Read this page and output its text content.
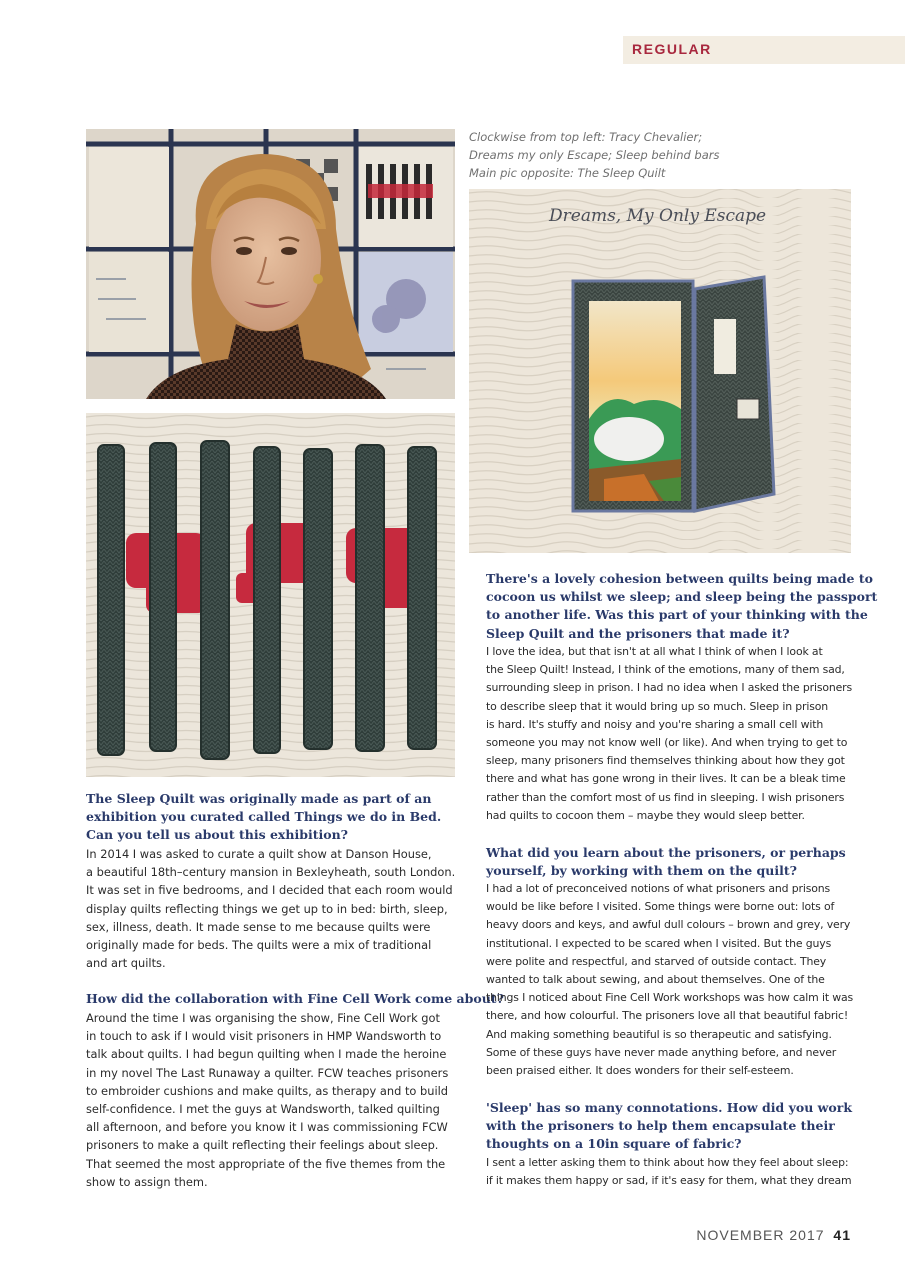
REGULAR
Clockwise from top left: Tracy Chevalier;
Dreams my only Escape; Sleep behind bars
Main pic opposite: The Sleep Quilt
Dreams, My Only Escape
The Sleep Quilt was originally made as part of an
exhibition you curated called Things we do in Bed.
Can you tell us about this exhibition?
In 2014 I was asked to curate a quilt show at Danson House,
a beautiful 18th–century mansion in Bexleyheath, south London.
It was set in five bedrooms, and I decided that each room would
display quilts reflecting things we get up to in bed: birth, sleep,
sex, illness, death. It made sense to me because quilts were
originally made for beds. The quilts were a mix of traditional
and art quilts.
How did the collaboration with Fine Cell Work come about?
Around the time I was organising the show, Fine Cell Work got
in touch to ask if I would visit prisoners in HMP Wandsworth to
talk about quilts. I had begun quilting when I made the heroine
in my novel The Last Runaway a quilter. FCW teaches prisoners
to embroider cushions and make quilts, as therapy and to build
self-confidence. I met the guys at Wandsworth, talked quilting
all afternoon, and before you know it I was commissioning FCW
prisoners to make a quilt reflecting their feelings about sleep.
That seemed the most appropriate of the five themes from the
show to assign them.
There's a lovely cohesion between quilts being made to
cocoon us whilst we sleep; and sleep being the passport
to another life. Was this part of your thinking with the
Sleep Quilt and the prisoners that made it?
I love the idea, but that isn't at all what I think of when I look at
the Sleep Quilt! Instead, I think of the emotions, many of them sad,
surrounding sleep in prison. I had no idea when I asked the prisoners
to describe sleep that it would bring up so much. Sleep in prison
is hard. It's stuffy and noisy and you're sharing a small cell with
someone you may not know well (or like). And when trying to get to
sleep, many prisoners find themselves thinking about how they got
there and what has gone wrong in their lives. It can be a bleak time
rather than the comfort most of us find in sleeping. I wish prisoners
had quilts to cocoon them – maybe they would sleep better.
What did you learn about the prisoners, or perhaps
yourself, by working with them on the quilt?
I had a lot of preconceived notions of what prisoners and prisons
would be like before I visited. Some things were borne out: lots of
heavy doors and keys, and awful dull colours – brown and grey, very
institutional. I expected to be scared when I visited. But the guys
were polite and respectful, and starved of outside contact. They
wanted to talk about sewing, and about themselves. One of the
things I noticed about Fine Cell Work workshops was how calm it was
there, and how colourful. The prisoners love all that beautiful fabric!
And making something beautiful is so therapeutic and satisfying.
Some of these guys have never made anything before, and never
been praised either. It does wonders for their self-esteem.
'Sleep' has so many connotations. How did you work
with the prisoners to help them encapsulate their
thoughts on a 10in square of fabric?
I sent a letter asking them to think about how they feel about sleep:
if it makes them happy or sad, if it's easy for them, what they dream
NOVEMBER 2017 41
